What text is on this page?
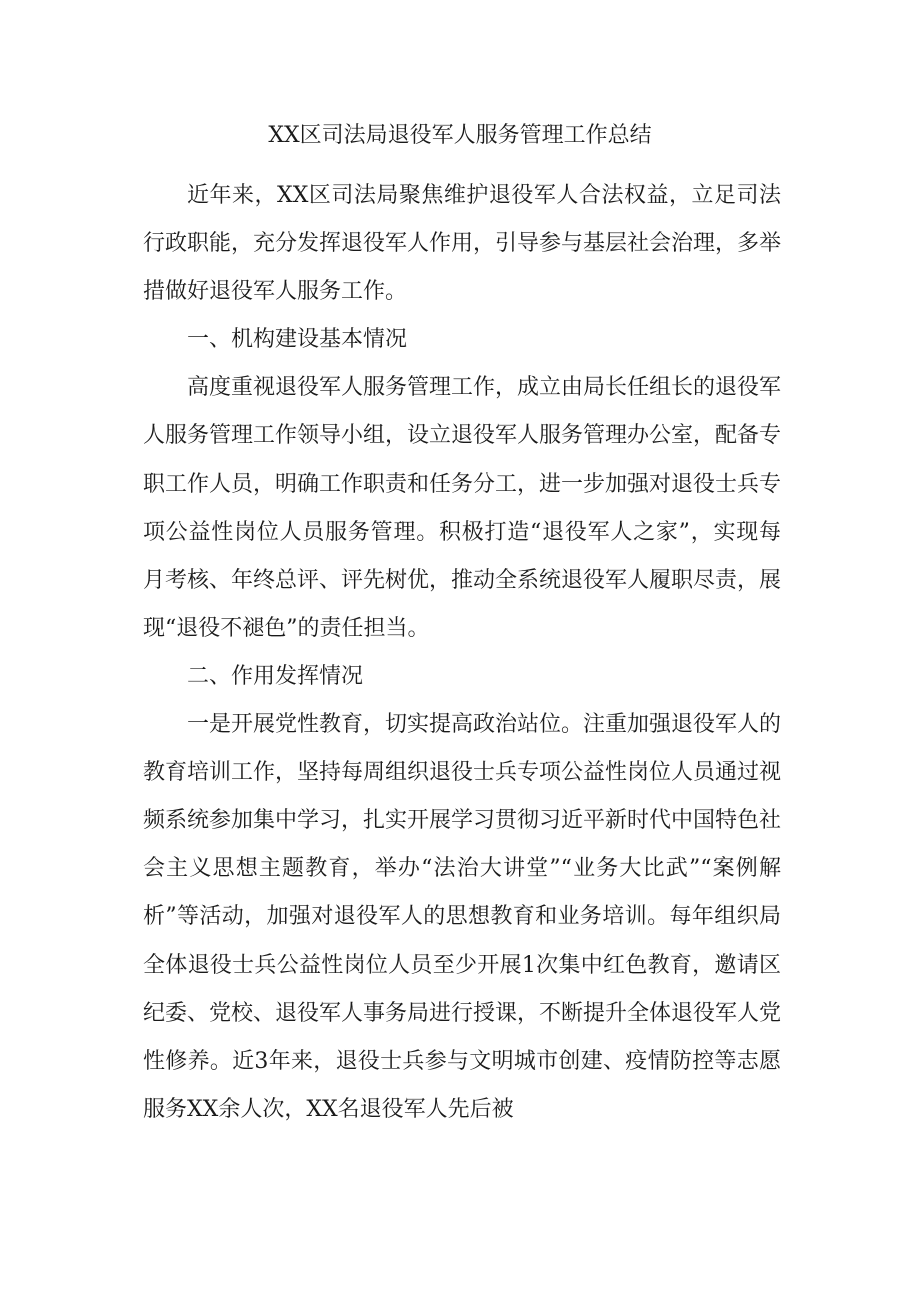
XX区司法局退役军人服务管理工作总结

近年来，XX区司法局聚焦维护退役军人合法权益，立足司法行政职能，充分发挥退役军人作用，引导参与基层社会治理，多举措做好退役军人服务工作。

一、机构建设基本情况

高度重视退役军人服务管理工作，成立由局长任组长的退役军人服务管理工作领导小组，设立退役军人服务管理办公室，配备专职工作人员，明确工作职责和任务分工，进一步加强对退役士兵专项公益性岗位人员服务管理。积极打造“退役军人之家”，实现每月考核、年终总评、评先树优，推动全系统退役军人履职尽责，展现“退役不褪色”的责任担当。

二、作用发挥情况

一是开展党性教育，切实提高政治站位。注重加强退役军人的教育培训工作，坚持每周组织退役士兵专项公益性岗位人员通过视频系统参加集中学习，扎实开展学习贯彻习近平新时代中国特色社会主义思想主题教育，举办“法治大讲堂”“业务大比武”“案例解析”等活动，加强对退役军人的思想教育和业务培训。每年组织局全体退役士兵公益性岗位人员至少开展1次集中红色教育，邀请区纪委、党校、退役军人事务局进行授课，不断提升全体退役军人党性修养。近3年来，退役士兵参与文明城市创建、疫情防控等志愿服务XX余人次，XX名退役军人先后被
